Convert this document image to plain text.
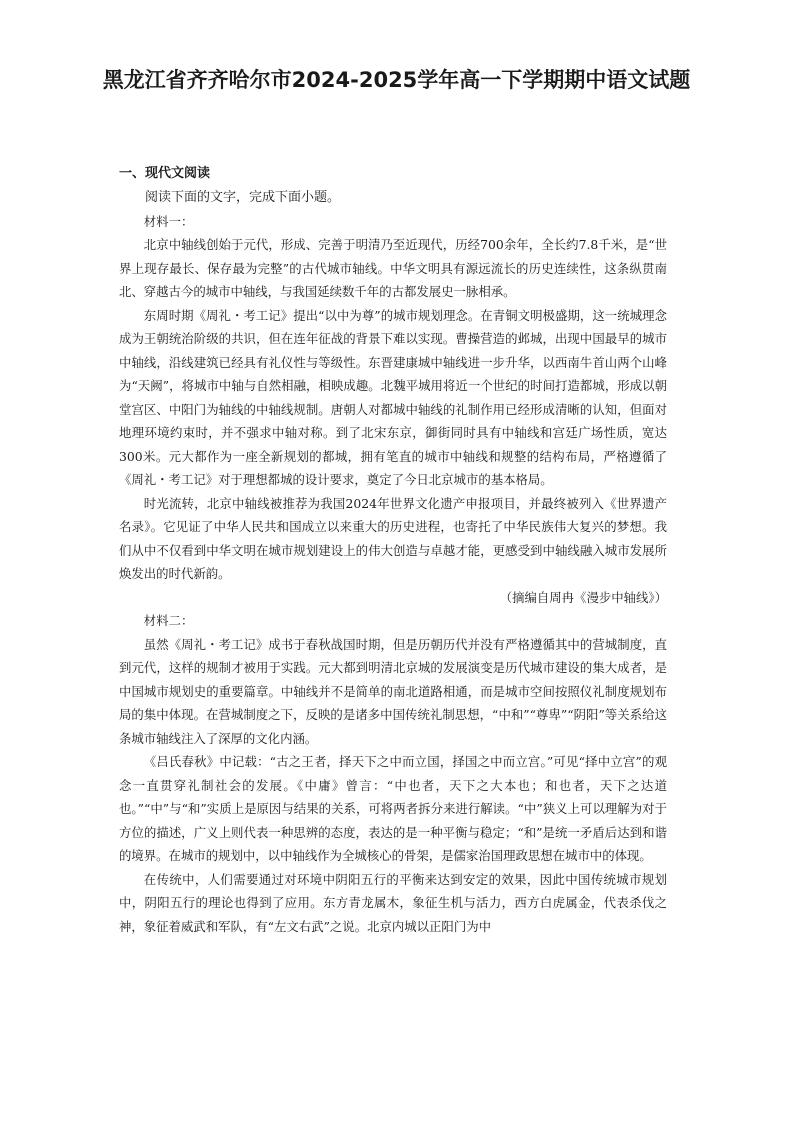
黑龙江省齐齐哈尔市2024-2025学年高一下学期期中语文试题
一、现代文阅读

阅读下面的文字，完成下面小题。

材料一：

北京中轴线创始于元代，形成、完善于明清乃至近现代，历经700余年，全长约7.8千米，是“世界上现存最长、保存最为完整”的古代城市轴线。中华文明具有源远流长的历史连续性，这条纵贯南北、穿越古今的城市中轴线，与我国延续数千年的古都发展史一脉相承。

东周时期《周礼・考工记》提出“以中为尊”的城市规划理念。在青铜文明极盛期，这一统城理念成为王朝统治阶级的共识，但在连年征战的背景下难以实现。曹操营造的邺城，出现中国最早的城市中轴线，沿线建筑已经具有礼仪性与等级性。东晋建康城中轴线进一步升华，以西南牛首山两个山峰为“天阙”，将城市中轴与自然相融，相映成趣。北魏平城用将近一个世纪的时间打造都城，形成以朝堂宫区、中阳门为轴线的中轴线规制。唐朝人对都城中轴线的礼制作用已经形成清晰的认知，但面对地理环境约束时，并不强求中轴对称。到了北宋东京，御街同时具有中轴线和宫廷广场性质，宽达300米。元大都作为一座全新规划的都城，拥有笔直的城市中轴线和规整的结构布局，严格遵循了《周礼・考工记》对于理想都城的设计要求，奠定了今日北京城市的基本格局。

时光流转，北京中轴线被推荐为我国2024年世界文化遗产申报项目，并最终被列入《世界遗产名录》。它见证了中华人民共和国成立以来重大的历史进程，也寄托了中华民族伟大复兴的梦想。我们从中不仅看到中华文明在城市规划建设上的伟大创造与卓越才能，更感受到中轴线融入城市发展所焕发出的时代新韵。

（摘编自周冉《漫步中轴线》）

材料二：

虽然《周礼・考工记》成书于春秋战国时期，但是历朝历代并没有严格遵循其中的营城制度，直到元代，这样的规制才被用于实践。元大都到明清北京城的发展演变是历代城市建设的集大成者，是中国城市规划史的重要篇章。中轴线并不是简单的南北道路相通，而是城市空间按照仪礼制度规划布局的集中体现。在营城制度之下，反映的是诸多中国传统礼制思想，“中和”“尊卑”“阴阳”等关系给这条城市轴线注入了深厚的文化内涵。

《吕氏春秋》中记载：“古之王者，择天下之中而立国，择国之中而立宫。”可见“择中立宫”的观念一直贯穿礼制社会的发展。《中庸》曾言：“中也者，天下之大本也；和也者，天下之达道也。”“中”与“和”实质上是原因与结果的关系，可将两者拆分来进行解读。“中”狭义上可以理解为对于方位的描述，广义上则代表一种思辨的态度，表达的是一种平衡与稳定；“和”是统一矛盾后达到和谐的境界。在城市的规划中，以中轴线作为全城核心的骨架，是儒家治国理政思想在城市中的体现。

在传统中，人们需要通过对环境中阴阳五行的平衡来达到安定的效果，因此中国传统城市规划中，阴阳五行的理论也得到了应用。东方青龙属木，象征生机与活力，西方白虎属金，代表杀伐之神，象征着威武和军队，有“左文右武”之说。北京内城以正阳门为中
